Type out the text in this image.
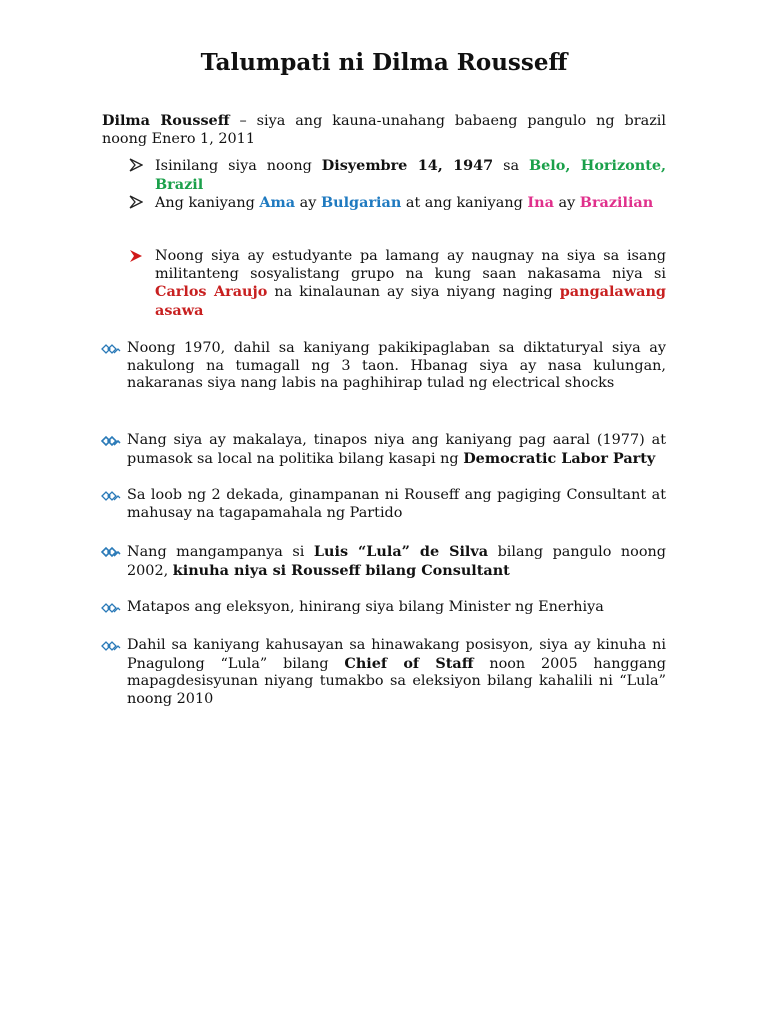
Talumpati ni Dilma Rousseff

Dilma Rousseff – siya ang kauna-unahang babaeng pangulo ng brazil noong Enero 1, 2011

Isinilang siya noong Disyembre 14, 1947 sa Belo, Horizonte, Brazil

Ang kaniyang Ama ay Bulgarian at ang kaniyang Ina ay Brazilian

Noong siya ay estudyante pa lamang ay naugnay na siya sa isang militanteng sosyalistang grupo na kung saan nakasama niya si Carlos Araujo na kinalaunan ay siya niyang naging pangalawang asawa

Noong 1970, dahil sa kaniyang pakikipaglaban sa diktaturyal siya ay nakulong na tumagall ng 3 taon. Hbanag siya ay nasa kulungan, nakaranas siya nang labis na paghihirap tulad ng electrical shocks

Nang siya ay makalaya, tinapos niya ang kaniyang pag aaral (1977) at pumasok sa local na politika bilang kasapi ng Democratic Labor Party

Sa loob ng 2 dekada, ginampanan ni Rouseff ang pagiging Consultant at mahusay na tagapamahala ng Partido

Nang mangampanya si Luis “Lula” de Silva bilang pangulo noong 2002, kinuha niya si Rousseff bilang Consultant

Matapos ang eleksyon, hinirang siya bilang Minister ng Enerhiya

Dahil sa kaniyang kahusayan sa hinawakang posisyon, siya ay kinuha ni Pnagulong “Lula” bilang Chief of Staff noon 2005 hanggang mapagdesisyunan niyang tumakbo sa eleksiyon bilang kahalili ni “Lula” noong 2010
